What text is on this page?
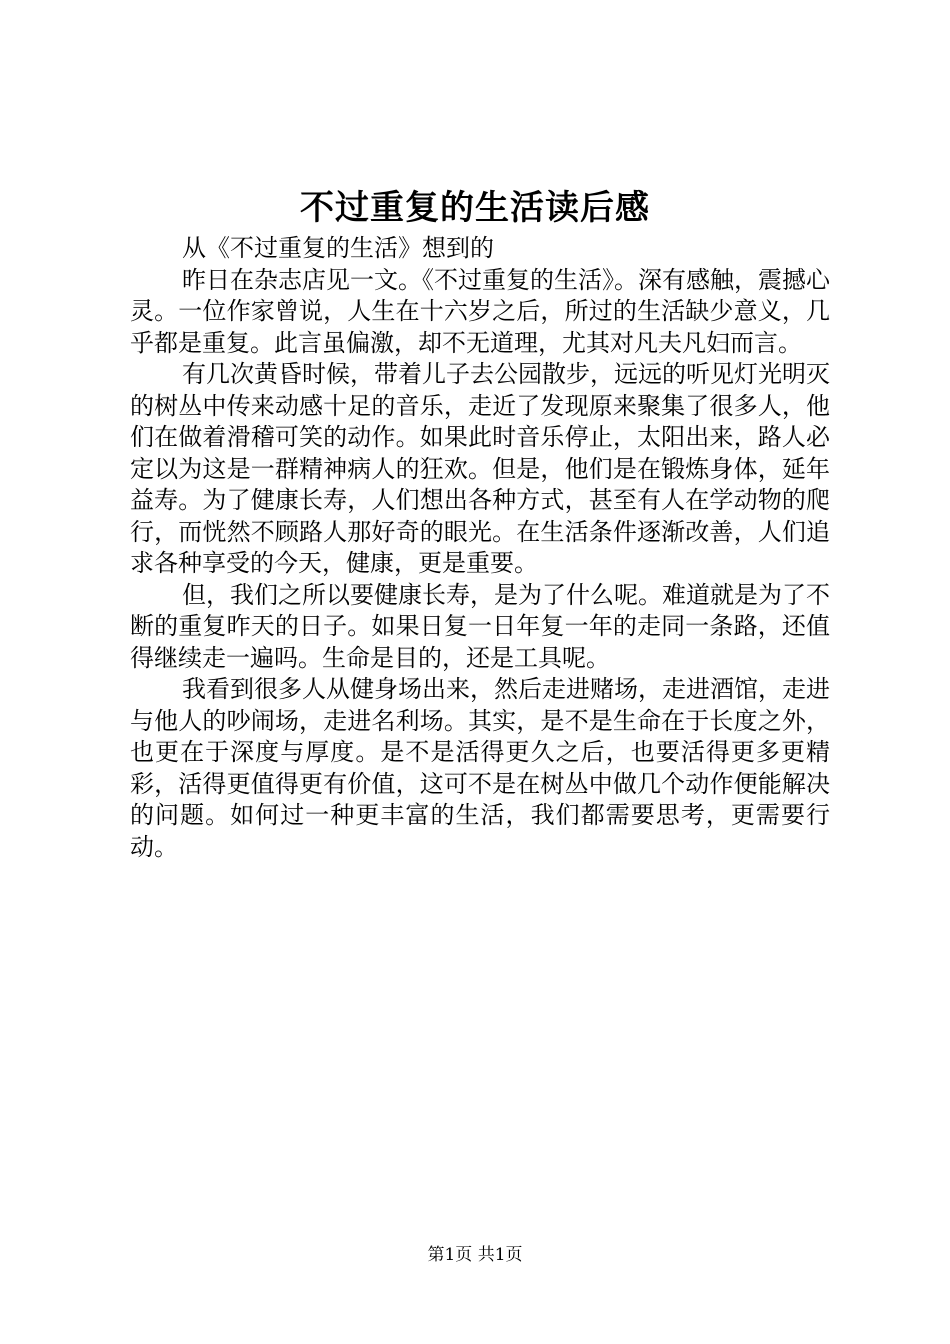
不过重复的生活读后感

从《不过重复的生活》想到的

昨日在杂志店见一文。《不过重复的生活》。深有感触，震撼心灵。一位作家曾说，人生在十六岁之后，所过的生活缺少意义，几乎都是重复。此言虽偏激，却不无道理，尤其对凡夫凡妇而言。

有几次黄昏时候，带着儿子去公园散步，远远的听见灯光明灭的树丛中传来动感十足的音乐，走近了发现原来聚集了很多人，他们在做着滑稽可笑的动作。如果此时音乐停止，太阳出来，路人必定以为这是一群精神病人的狂欢。但是，他们是在锻炼身体，延年益寿。为了健康长寿，人们想出各种方式，甚至有人在学动物的爬行，而恍然不顾路人那好奇的眼光。在生活条件逐渐改善，人们追求各种享受的今天，健康，更是重要。

但，我们之所以要健康长寿，是为了什么呢。难道就是为了不断的重复昨天的日子。如果日复一日年复一年的走同一条路，还值得继续走一遍吗。生命是目的，还是工具呢。

我看到很多人从健身场出来，然后走进赌场，走进酒馆，走进与他人的吵闹场，走进名利场。其实，是不是生命在于长度之外，也更在于深度与厚度。是不是活得更久之后，也要活得更多更精彩，活得更值得更有价值，这可不是在树丛中做几个动作便能解决的问题。如何过一种更丰富的生活，我们都需要思考，更需要行动。

第1页 共1页
